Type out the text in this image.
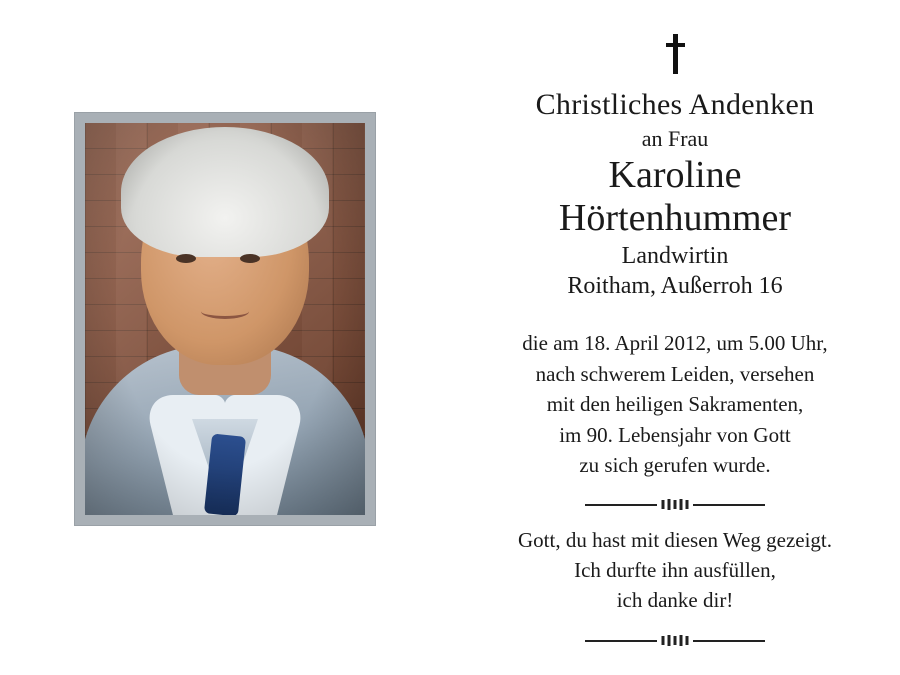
Christliches Andenken
an Frau
Karoline
Hörtenhummer
Landwirtin
Roitham, Außerroh 16
die am 18. April 2012, um 5.00 Uhr,
nach schwerem Leiden, versehen
mit den heiligen Sakramenten,
im 90. Lebensjahr von Gott
zu sich gerufen wurde.
Gott, du hast mit diesen Weg gezeigt.
Ich durfte ihn ausfüllen,
ich danke dir!
